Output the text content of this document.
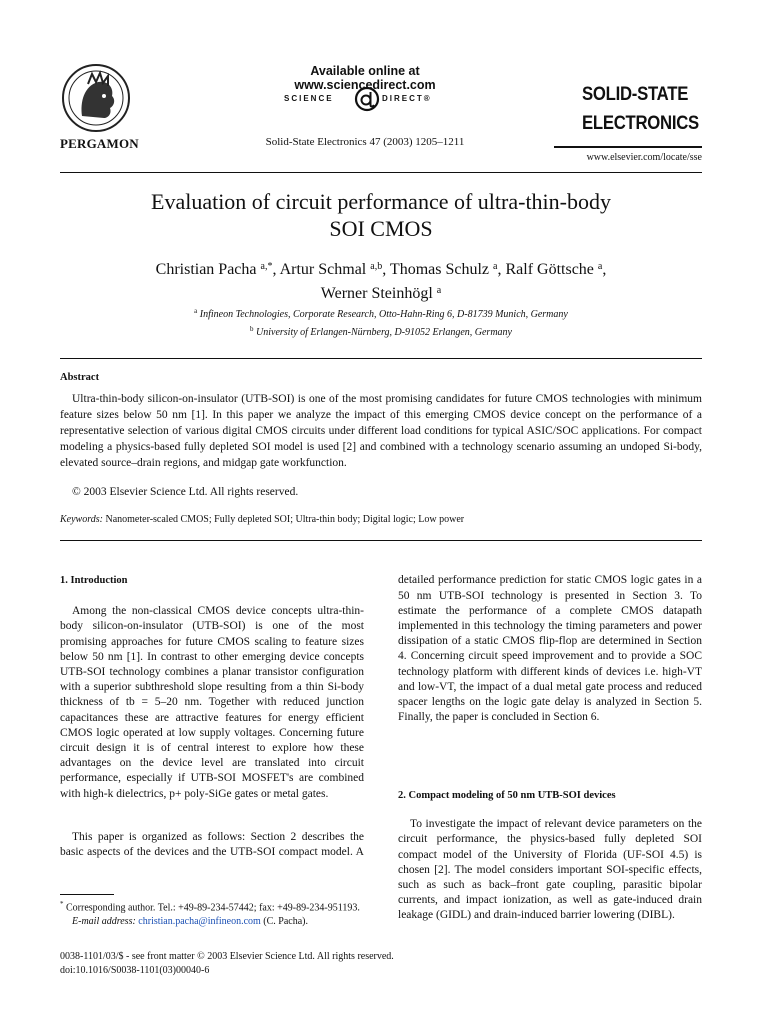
PERGAMON
Available online at www.sciencedirect.com
SCIENCE	DIRECT®
Solid-State Electronics 47 (2003) 1205–1211
SOLID-STATE
ELECTRONICS
www.elsevier.com/locate/sse
Evaluation of circuit performance of ultra-thin-body
SOI CMOS
Christian Pacha $^{a,*}$, Artur Schmal $^{a,b}$, Thomas Schulz $^a$, Ralf Göttsche $^a$,
Werner Steinhögl $^a$
$^a$ Infineon Technologies, Corporate Research, Otto-Hahn-Ring 6, D-81739 Munich, Germany
$^b$ University of Erlangen-Nürnberg, D-91052 Erlangen, Germany
Abstract
Ultra-thin-body silicon-on-insulator (UTB-SOI) is one of the most promising candidates for future CMOS technologies with minimum feature sizes below 50 nm [1]. In this paper we analyze the impact of this emerging CMOS device concept on the performance of a representative selection of various digital CMOS circuits under different load conditions for typical ASIC/SOC applications. For compact modeling a physics-based fully depleted SOI model is used [2] and combined with a technology scenario assuming an undoped Si-body, elevated source–drain regions, and midgap gate workfunction.
© 2003 Elsevier Science Ltd. All rights reserved.
Keywords: Nanometer-scaled CMOS; Fully depleted SOI; Ultra-thin body; Digital logic; Low power
1. Introduction
Among the non-classical CMOS device concepts ultra-thin-body silicon-on-insulator (UTB-SOI) is one of the most promising approaches for future CMOS scaling to feature sizes below 50 nm [1]. In contrast to other emerging device concepts UTB-SOI technology combines a planar transistor configuration with a superior subthreshold slope resulting from a thin Si-body thickness of tb = 5–20 nm. Together with reduced junction capacitances these are attractive features for energy efficient CMOS logic operated at low supply voltages. Concerning future circuit design it is of central interest to explore how these advantages on the device level are translated into circuit performance, especially if UTB-SOI MOSFET's are combined with high-k dielectrics, p+ poly-SiGe gates or metal gates.
This paper is organized as follows: Section 2 describes the basic aspects of the devices and the UTB-SOI compact model. A
detailed performance prediction for static CMOS logic gates in a 50 nm UTB-SOI technology is presented in Section 3. To estimate the performance of a complete CMOS datapath implemented in this technology the timing parameters and power dissipation of a static CMOS flip-flop are determined in Section 4. Concerning circuit speed improvement and to provide a SOC technology platform with different kinds of devices i.e. high-VT and low-VT, the impact of a dual metal gate process and reduced spacer lengths on the logic gate delay is analyzed in Section 5. Finally, the paper is concluded in Section 6.
2. Compact modeling of 50 nm UTB-SOI devices
To investigate the impact of relevant device parameters on the circuit performance, the physics-based fully depleted SOI compact model of the University of Florida (UF-SOI 4.5) is chosen [2]. The model considers important SOI-specific effects, such as such as back–front gate coupling, parasitic bipolar currents, and impact ionization, as well as gate-induced drain leakage (GIDL) and drain-induced barrier lowering (DIBL).
* Corresponding author. Tel.: +49-89-234-57442; fax: +49-89-234-951193.
E-mail address: christian.pacha@infineon.com (C. Pacha).
0038-1101/03/$ - see front matter © 2003 Elsevier Science Ltd. All rights reserved.
doi:10.1016/S0038-1101(03)00040-6
